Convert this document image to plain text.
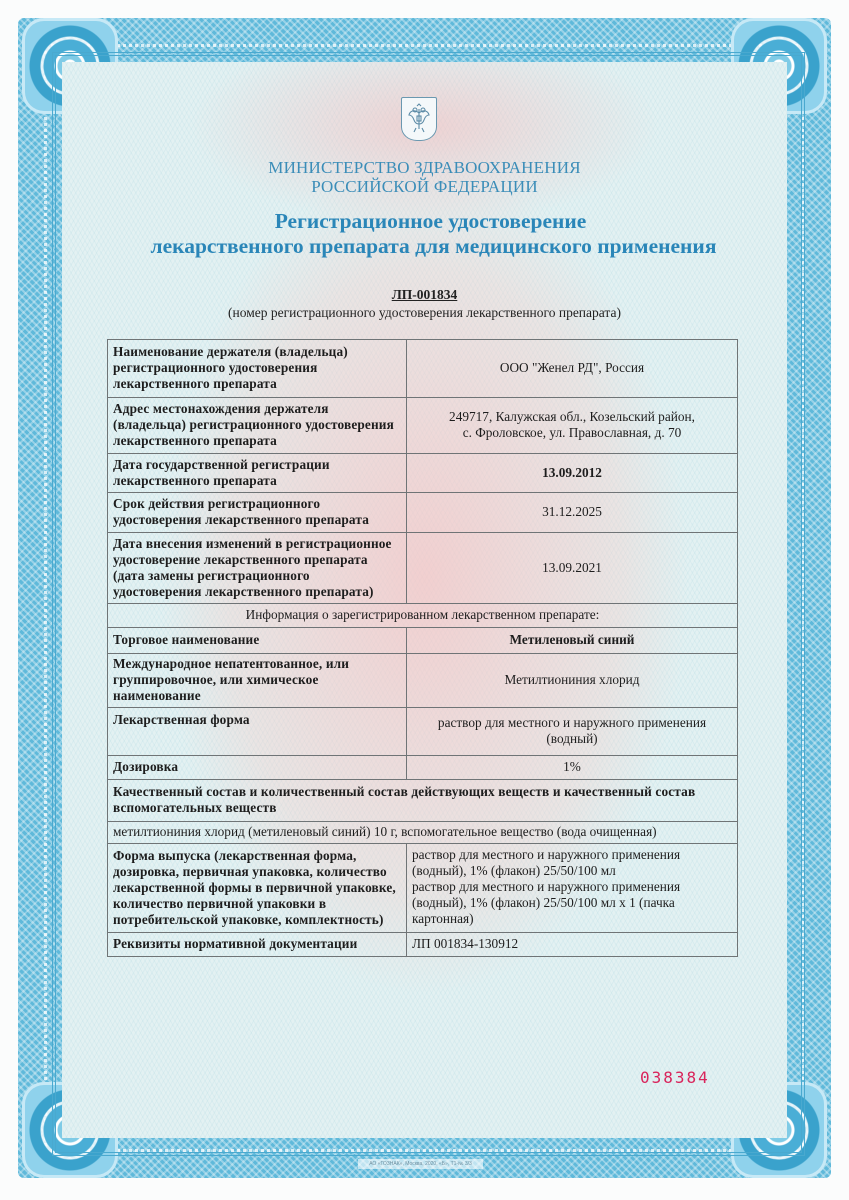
МИНИСТЕРСТВО ЗДРАВООХРАНЕНИЯ
РОССИЙСКОЙ ФЕДЕРАЦИИ
Регистрационное удостоверение
лекарственного препарата для медицинского применения
ЛП-001834
(номер регистрационного удостоверения лекарственного препарата)
Наименование держателя (владельца) регистрационного удостоверения лекарственного препарата	ООО "Женел РД", Россия
Адрес местонахождения держателя (владельца) регистрационного удостоверения лекарственного препарата	249717, Калужская обл., Козельский район,
с. Фроловское, ул. Православная, д. 70

Дата государственной регистрации лекарственного препарата	13.09.2012
Срок действия регистрационного удостоверения лекарственного препарата	31.12.2025
Дата внесения изменений в регистрационное удостоверение лекарственного препарата (дата замены регистрационного удостоверения лекарственного препарата)	13.09.2021
Информация о зарегистрированном лекарственном препарате:	
Торговое наименование	Метиленовый синий
Международное непатентованное, или группировочное, или химическое наименование	Метилтиониния хлорид
Лекарственная форма	раствор для местного и наружного применения
(водный)

Дозировка	1%
Качественный состав и количественный состав действующих веществ и качественный состав вспомогательных веществ	
метилтиониния хлорид (метиленовый синий) 10 г, вспомогательное вещество (вода очищенная)	
Форма выпуска (лекарственная форма, дозировка, первичная упаковка, количество лекарственной формы в первичной упаковке, количество первичной упаковки в потребительской упаковке, комплектность)	раствор для местного и наружного применения (водный), 1% (флакон) 25/50/100 мл
раствор для местного и наружного применения (водный), 1% (флакон) 25/50/100 мл х 1 (пачка картонная)

Реквизиты нормативной документации	ЛП 001834-130912
038384
АО «ГОЗНАК», Москва, 2020, «Б», Т1-№ 3/3
